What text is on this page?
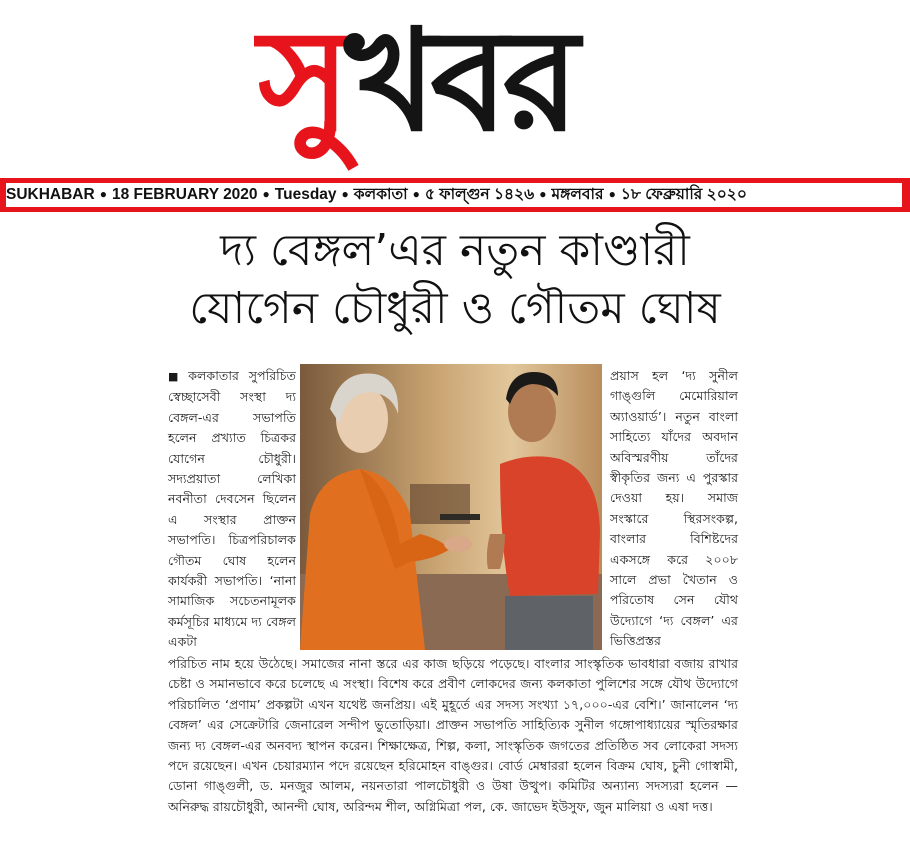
সুখবর
SUKHABAR ● 18 FEBRUARY 2020 ● Tuesday ● কলকাতা ● ৫ ফাল্গুন ১৪২৬ ● মঙ্গলবার ● ১৮ ফেব্রুয়ারি ২০২০
দ্য বেঙ্গল’এর নতুন কাণ্ডারী
যোগেন চৌধুরী ও গৌতম ঘোষ

■ কলকাতার সুপরিচিত স্বেচ্ছাসেবী সংস্থা দ্য বেঙ্গল-এর সভাপতি হলেন প্রখ্যাত চিত্রকর যোগেন চৌধুরী। সদ্যপ্রয়াতা লেখিকা নবনীতা দেবসেন ছিলেন এ সংস্থার প্রাক্তন সভাপতি। চিত্রপরিচালক গৌতম ঘোষ হলেন কার্যকরী সভাপতি। ‘নানা সামাজিক সচেতনামূলক কর্মসূচির মাধ্যমে দ্য বেঙ্গল একটা

প্রয়াস হল ‘দ্য সুনীল গাঙ্গুলি মেমোরিয়াল অ্যাওয়ার্ড’। নতুন বাংলা সাহিত্যে যাঁদের অবদান অবিস্মরণীয় তাঁদের স্বীকৃতির জন্য এ পুরস্কার দেওয়া হয়। সমাজ সংস্কারে স্থিরসংকল্প, বাংলার বিশিষ্টদের একসঙ্গে করে ২০০৮ সালে প্রভা খৈতান ও পরিতোষ সেন যৌথ উদ্যোগে ‘দ্য বেঙ্গল’ এর ভিত্তিপ্রস্তর

পরিচিত নাম হয়ে উঠেছে। সমাজের নানা স্তরে এর কাজ ছড়িয়ে পড়েছে। বাংলার সাংস্কৃতিক ভাবধারা বজায় রাখার চেষ্টা ও সমানভাবে করে চলেছে এ সংস্থা। বিশেষ করে প্রবীণ লোকদের জন্য কলকাতা পুলিশের সঙ্গে যৌথ উদ্যোগে পরিচালিত ‘প্রণাম’ প্রকল্পটা এখন যথেষ্ট জনপ্রিয়। এই মুহূর্তে এর সদস্য সংখ্যা ১৭,০০০-এর বেশি।’ জানালেন ‘দ্য বেঙ্গল’ এর সেক্রেটারি জেনারেল সন্দীপ ভুতোড়িয়া। প্রাক্তন সভাপতি সাহিত্যিক সুনীল গঙ্গোপাধ্যায়ের স্মৃতিরক্ষার জন্য দ্য বেঙ্গল-এর অনবদ্য স্থাপন করেন। শিক্ষাক্ষেত্র, শিল্প, কলা, সাংস্কৃতিক জগতের প্রতিষ্ঠিত সব লোকেরা সদস্য পদে রয়েছেন। এখন চেয়ারম্যান পদে রয়েছেন হরিমোহন বাঙ্গুর। বোর্ড মেম্বাররা হলেন বিক্রম ঘোষ, চুনী গোস্বামী, ডোনা গাঙ্গুলী, ড. মনজুর আলম, নয়নতারা পালচৌধুরী ও উষা উত্থুপ। কমিটির অন্যান্য সদস্যরা হলেন — অনিরুদ্ধ রায়চৌধুরী, আনন্দী ঘোষ, অরিন্দম শীল, অগ্নিমিত্রা পল, কে. জাভেদ ইউসুফ, জুন মালিয়া ও এষা দত্ত।
